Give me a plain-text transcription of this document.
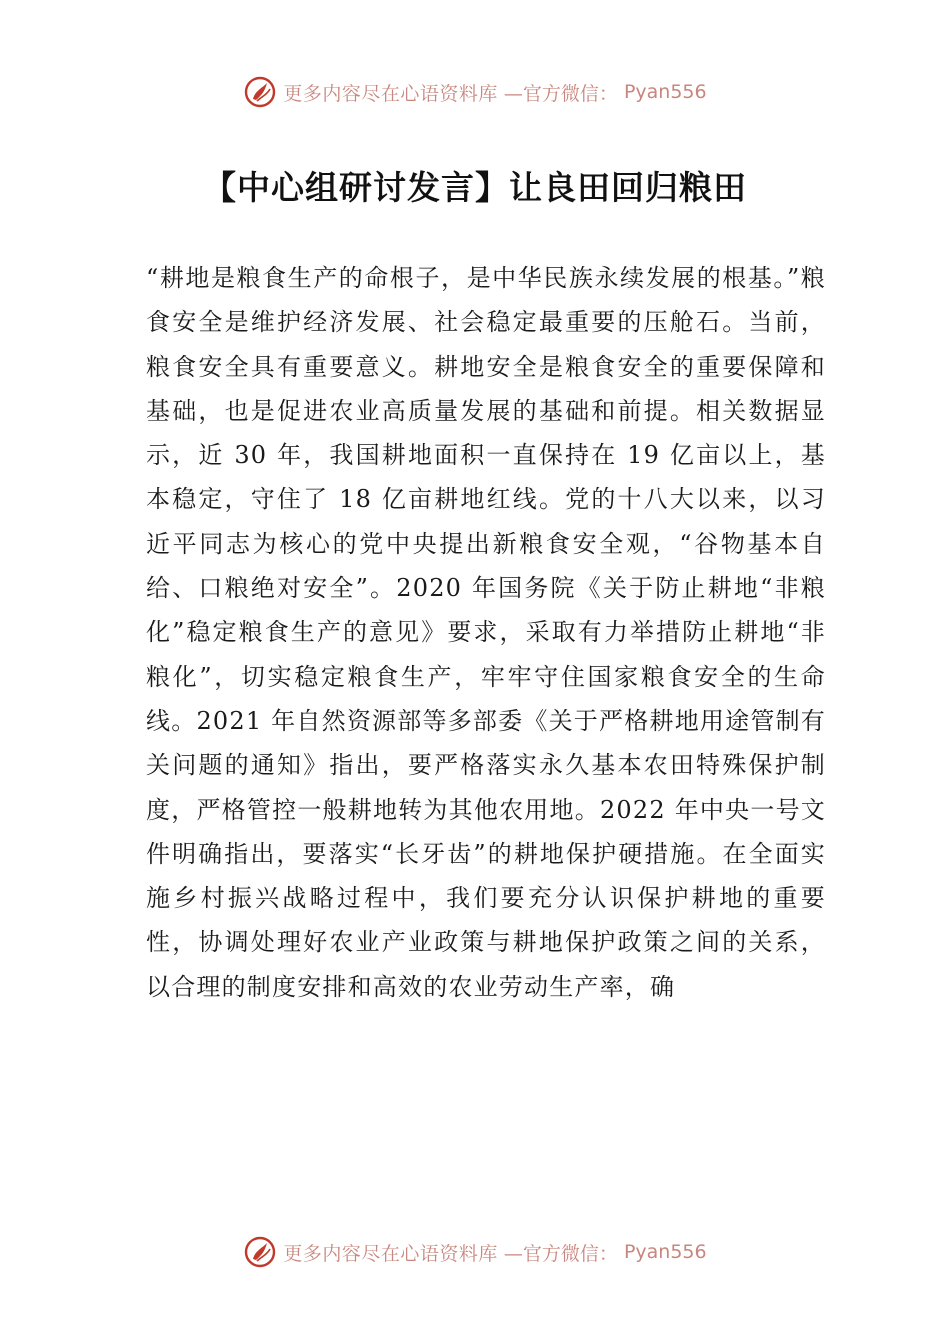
更多内容尽在心语资料库 —官方微信： Pyan556
【中心组研讨发言】让良田回归粮田

“耕地是粮食生产的命根子，是中华民族永续发展的根基。”粮食安全是维护经济发展、社会稳定最重要的压舱石。当前，粮食安全具有重要意义。耕地安全是粮食安全的重要保障和基础，也是促进农业高质量发展的基础和前提。相关数据显示，近 30 年，我国耕地面积一直保持在 19 亿亩以上，基本稳定，守住了 18 亿亩耕地红线。党的十八大以来，以习近平同志为核心的党中央提出新粮食安全观，“谷物基本自给、口粮绝对安全”。2020 年国务院《关于防止耕地“非粮化”稳定粮食生产的意见》要求，采取有力举措防止耕地“非粮化”，切实稳定粮食生产，牢牢守住国家粮食安全的生命线。2021 年自然资源部等多部委《关于严格耕地用途管制有关问题的通知》指出，要严格落实永久基本农田特殊保护制度，严格管控一般耕地转为其他农用地。2022 年中央一号文件明确指出，要落实“长牙齿”的耕地保护硬措施。在全面实施乡村振兴战略过程中，我们要充分认识保护耕地的重要性，协调处理好农业产业政策与耕地保护政策之间的关系，以合理的制度安排和高效的农业劳动生产率，确

更多内容尽在心语资料库 —官方微信： Pyan556
